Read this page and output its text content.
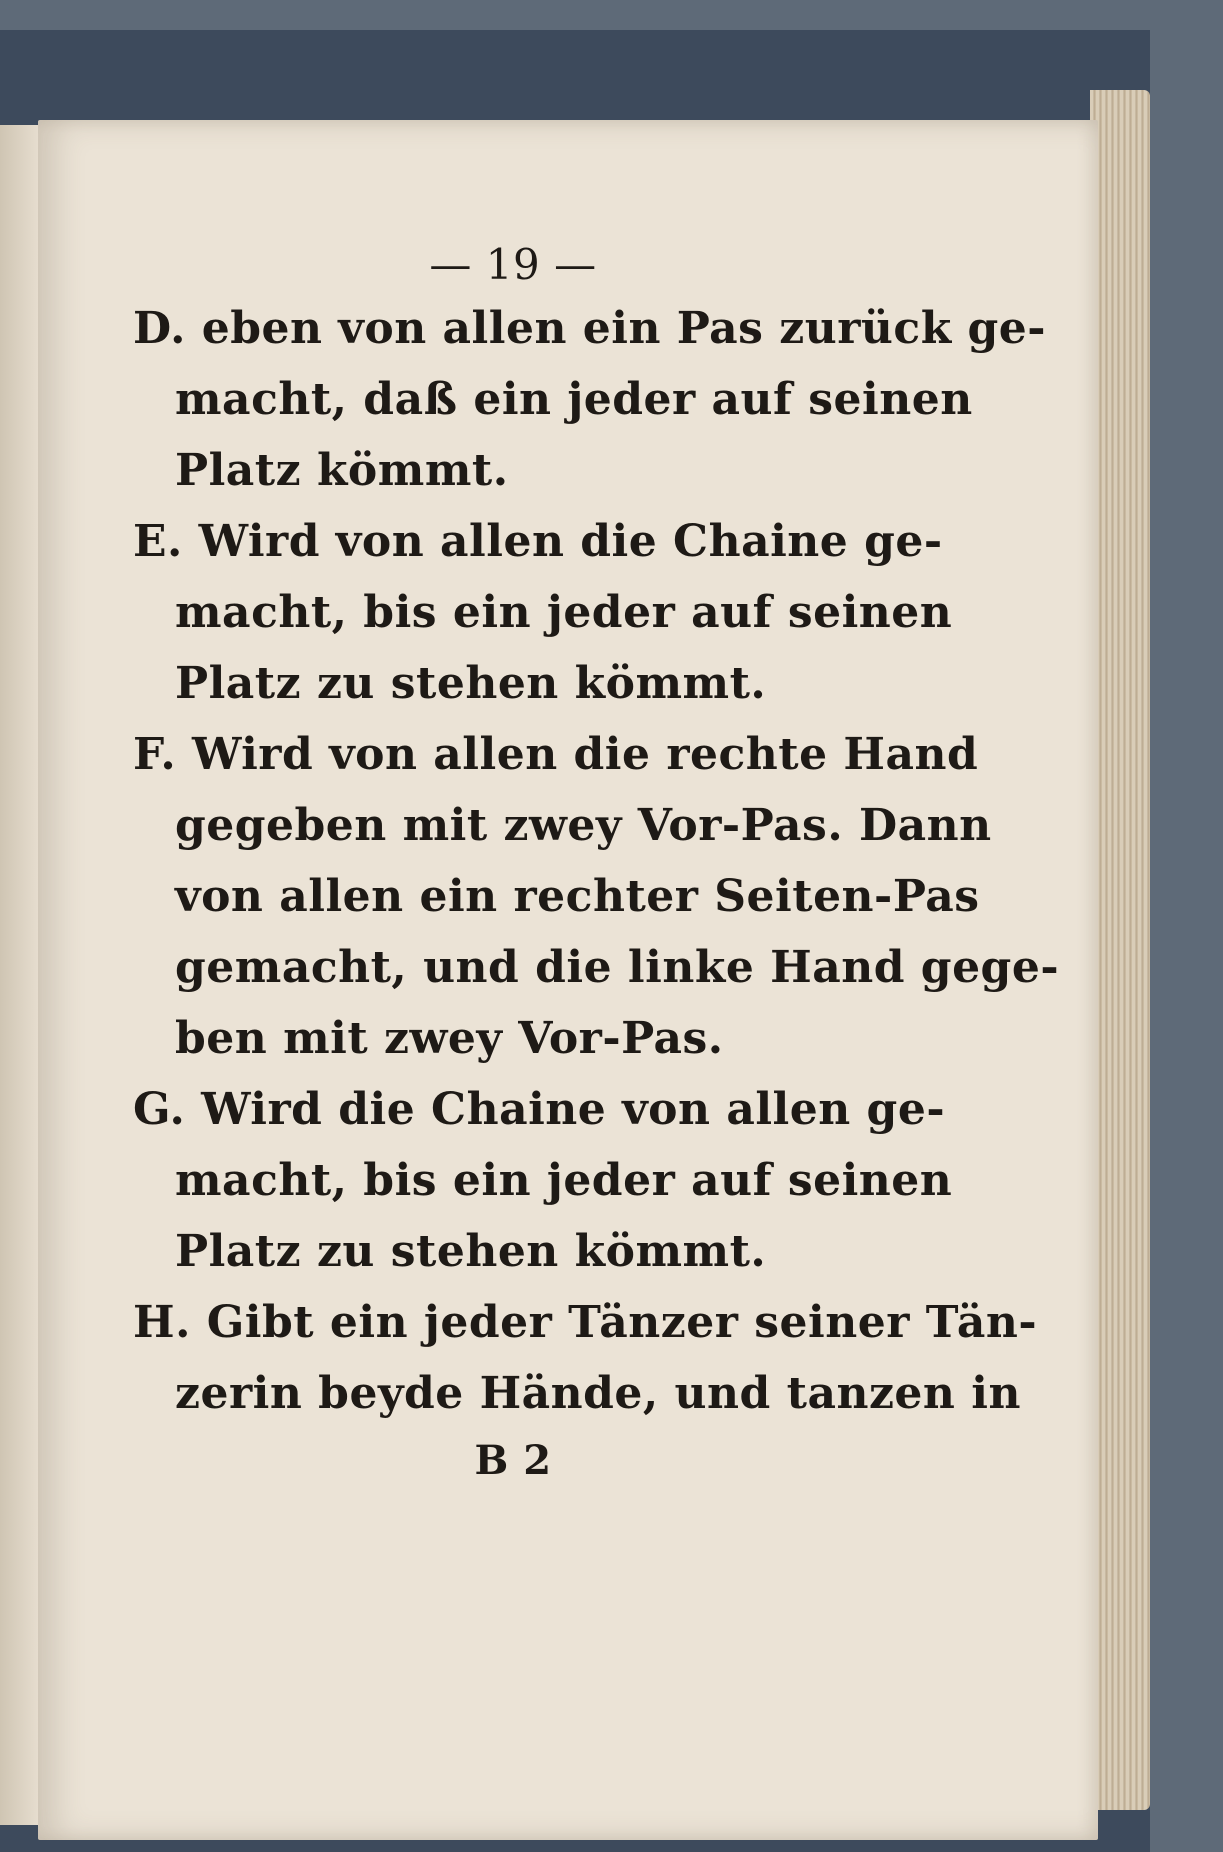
— 19 —
D. eben von allen ein Pas zurück ge-
macht, daß ein jeder auf seinen
Platz kömmt.
E. Wird von allen die Chaine ge-
macht, bis ein jeder auf seinen
Platz zu stehen kömmt.
F. Wird von allen die rechte Hand
gegeben mit zwey Vor-Pas. Dann
von allen ein rechter Seiten-Pas
gemacht, und die linke Hand gege-
ben mit zwey Vor-Pas.
G. Wird die Chaine von allen ge-
macht, bis ein jeder auf seinen
Platz zu stehen kömmt.
H. Gibt ein jeder Tänzer seiner Tän-
zerin beyde Hände, und tanzen in
B 2
